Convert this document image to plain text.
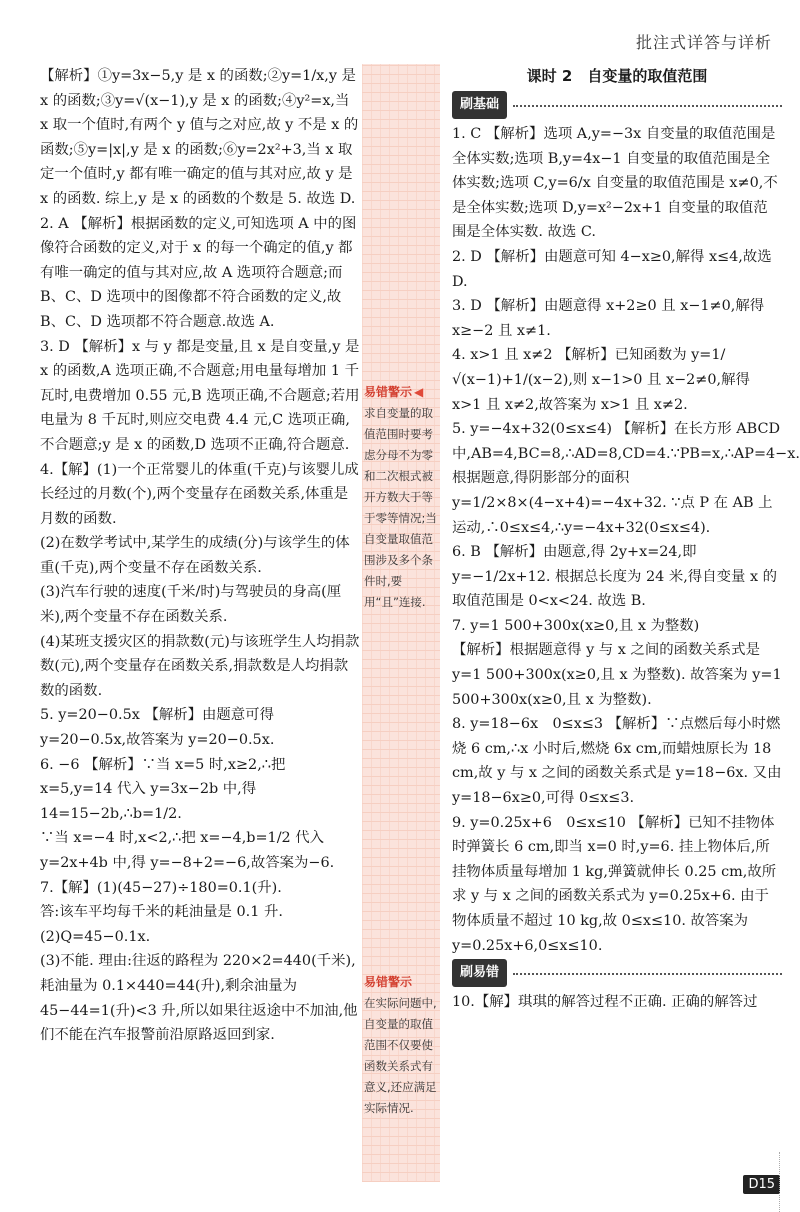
批注式详答与详析

【解析】①y=3x−5,y 是 x 的函数;②y=1/x,y 是 x 的函数;③y=√(x−1),y 是 x 的函数;④y²=x,当 x 取一个值时,有两个 y 值与之对应,故 y 不是 x 的函数;⑤y=|x|,y 是 x 的函数;⑥y=2x²+3,当 x 取定一个值时,y 都有唯一确定的值与其对应,故 y 是 x 的函数. 综上,y 是 x 的函数的个数是 5. 故选 D.

2. A 【解析】根据函数的定义,可知选项 A 中的图像符合函数的定义,对于 x 的每一个确定的值,y 都有唯一确定的值与其对应,故 A 选项符合题意;而 B、C、D 选项中的图像都不符合函数的定义,故 B、C、D 选项都不符合题意.故选 A.

3. D 【解析】x 与 y 都是变量,且 x 是自变量,y 是 x 的函数,A 选项正确,不合题意;用电量每增加 1 千瓦时,电费增加 0.55 元,B 选项正确,不合题意;若用电量为 8 千瓦时,则应交电费 4.4 元,C 选项正确,不合题意;y 是 x 的函数,D 选项不正确,符合题意.

4.【解】(1)一个正常婴儿的体重(千克)与该婴儿成长经过的月数(个),两个变量存在函数关系,体重是月数的函数.

(2)在数学考试中,某学生的成绩(分)与该学生的体重(千克),两个变量不存在函数关系.

(3)汽车行驶的速度(千米/时)与驾驶员的身高(厘米),两个变量不存在函数关系.

(4)某班支援灾区的捐款数(元)与该班学生人均捐款数(元),两个变量存在函数关系,捐款数是人均捐款数的函数.

5. y=20−0.5x 【解析】由题意可得 y=20−0.5x,故答案为 y=20−0.5x.

6. −6 【解析】∵当 x=5 时,x≥2,∴把 x=5,y=14 代入 y=3x−2b 中,得 14=15−2b,∴b=1/2.

∵当 x=−4 时,x<2,∴把 x=−4,b=1/2 代入 y=2x+4b 中,得 y=−8+2=−6,故答案为−6.

7.【解】(1)(45−27)÷180=0.1(升).

答:该车平均每千米的耗油量是 0.1 升.

(2)Q=45−0.1x.

(3)不能. 理由:往返的路程为 220×2=440(千米),耗油量为 0.1×440=44(升),剩余油量为 45−44=1(升)<3 升,所以如果往返途中不加油,他们不能在汽车报警前沿原路返回到家.

易错警示 ◀
求自变量的取值范围时要考虑分母不为零和二次根式被开方数大于等于零等情况;当自变量取值范围涉及多个条件时,要用“且”连接.
易错警示
在实际问题中,自变量的取值范围不仅要使函数关系式有意义,还应满足实际情况.
课时 2　自变量的取值范围
刷基础

1. C 【解析】选项 A,y=−3x 自变量的取值范围是全体实数;选项 B,y=4x−1 自变量的取值范围是全体实数;选项 C,y=6/x 自变量的取值范围是 x≠0,不是全体实数;选项 D,y=x²−2x+1 自变量的取值范围是全体实数. 故选 C.

2. D 【解析】由题意可知 4−x≥0,解得 x≤4,故选 D.

3. D 【解析】由题意得 x+2≥0 且 x−1≠0,解得 x≥−2 且 x≠1.

4. x>1 且 x≠2 【解析】已知函数为 y=1/√(x−1)+1/(x−2),则 x−1>0 且 x−2≠0,解得 x>1 且 x≠2,故答案为 x>1 且 x≠2.

5. y=−4x+32(0≤x≤4) 【解析】在长方形 ABCD 中,AB=4,BC=8,∴AD=8,CD=4.∵PB=x,∴AP=4−x. 根据题意,得阴影部分的面积 y=1/2×8×(4−x+4)=−4x+32. ∵点 P 在 AB 上运动,∴0≤x≤4,∴y=−4x+32(0≤x≤4).

6. B 【解析】由题意,得 2y+x=24,即 y=−1/2x+12. 根据总长度为 24 米,得自变量 x 的取值范围是 0<x<24. 故选 B.

7. y=1 500+300x(x≥0,且 x 为整数)

【解析】根据题意得 y 与 x 之间的函数关系式是 y=1 500+300x(x≥0,且 x 为整数). 故答案为 y=1 500+300x(x≥0,且 x 为整数).

8. y=18−6x　0≤x≤3 【解析】∵点燃后每小时燃烧 6 cm,∴x 小时后,燃烧 6x cm,而蜡烛原长为 18 cm,故 y 与 x 之间的函数关系式是 y=18−6x. 又由 y=18−6x≥0,可得 0≤x≤3.

9. y=0.25x+6　0≤x≤10 【解析】已知不挂物体时弹簧长 6 cm,即当 x=0 时,y=6. 挂上物体后,所挂物体质量每增加 1 kg,弹簧就伸长 0.25 cm,故所求 y 与 x 之间的函数关系式为 y=0.25x+6. 由于物体质量不超过 10 kg,故 0≤x≤10. 故答案为 y=0.25x+6,0≤x≤10.

刷易错

10.【解】琪琪的解答过程不正确. 正确的解答过

D15
